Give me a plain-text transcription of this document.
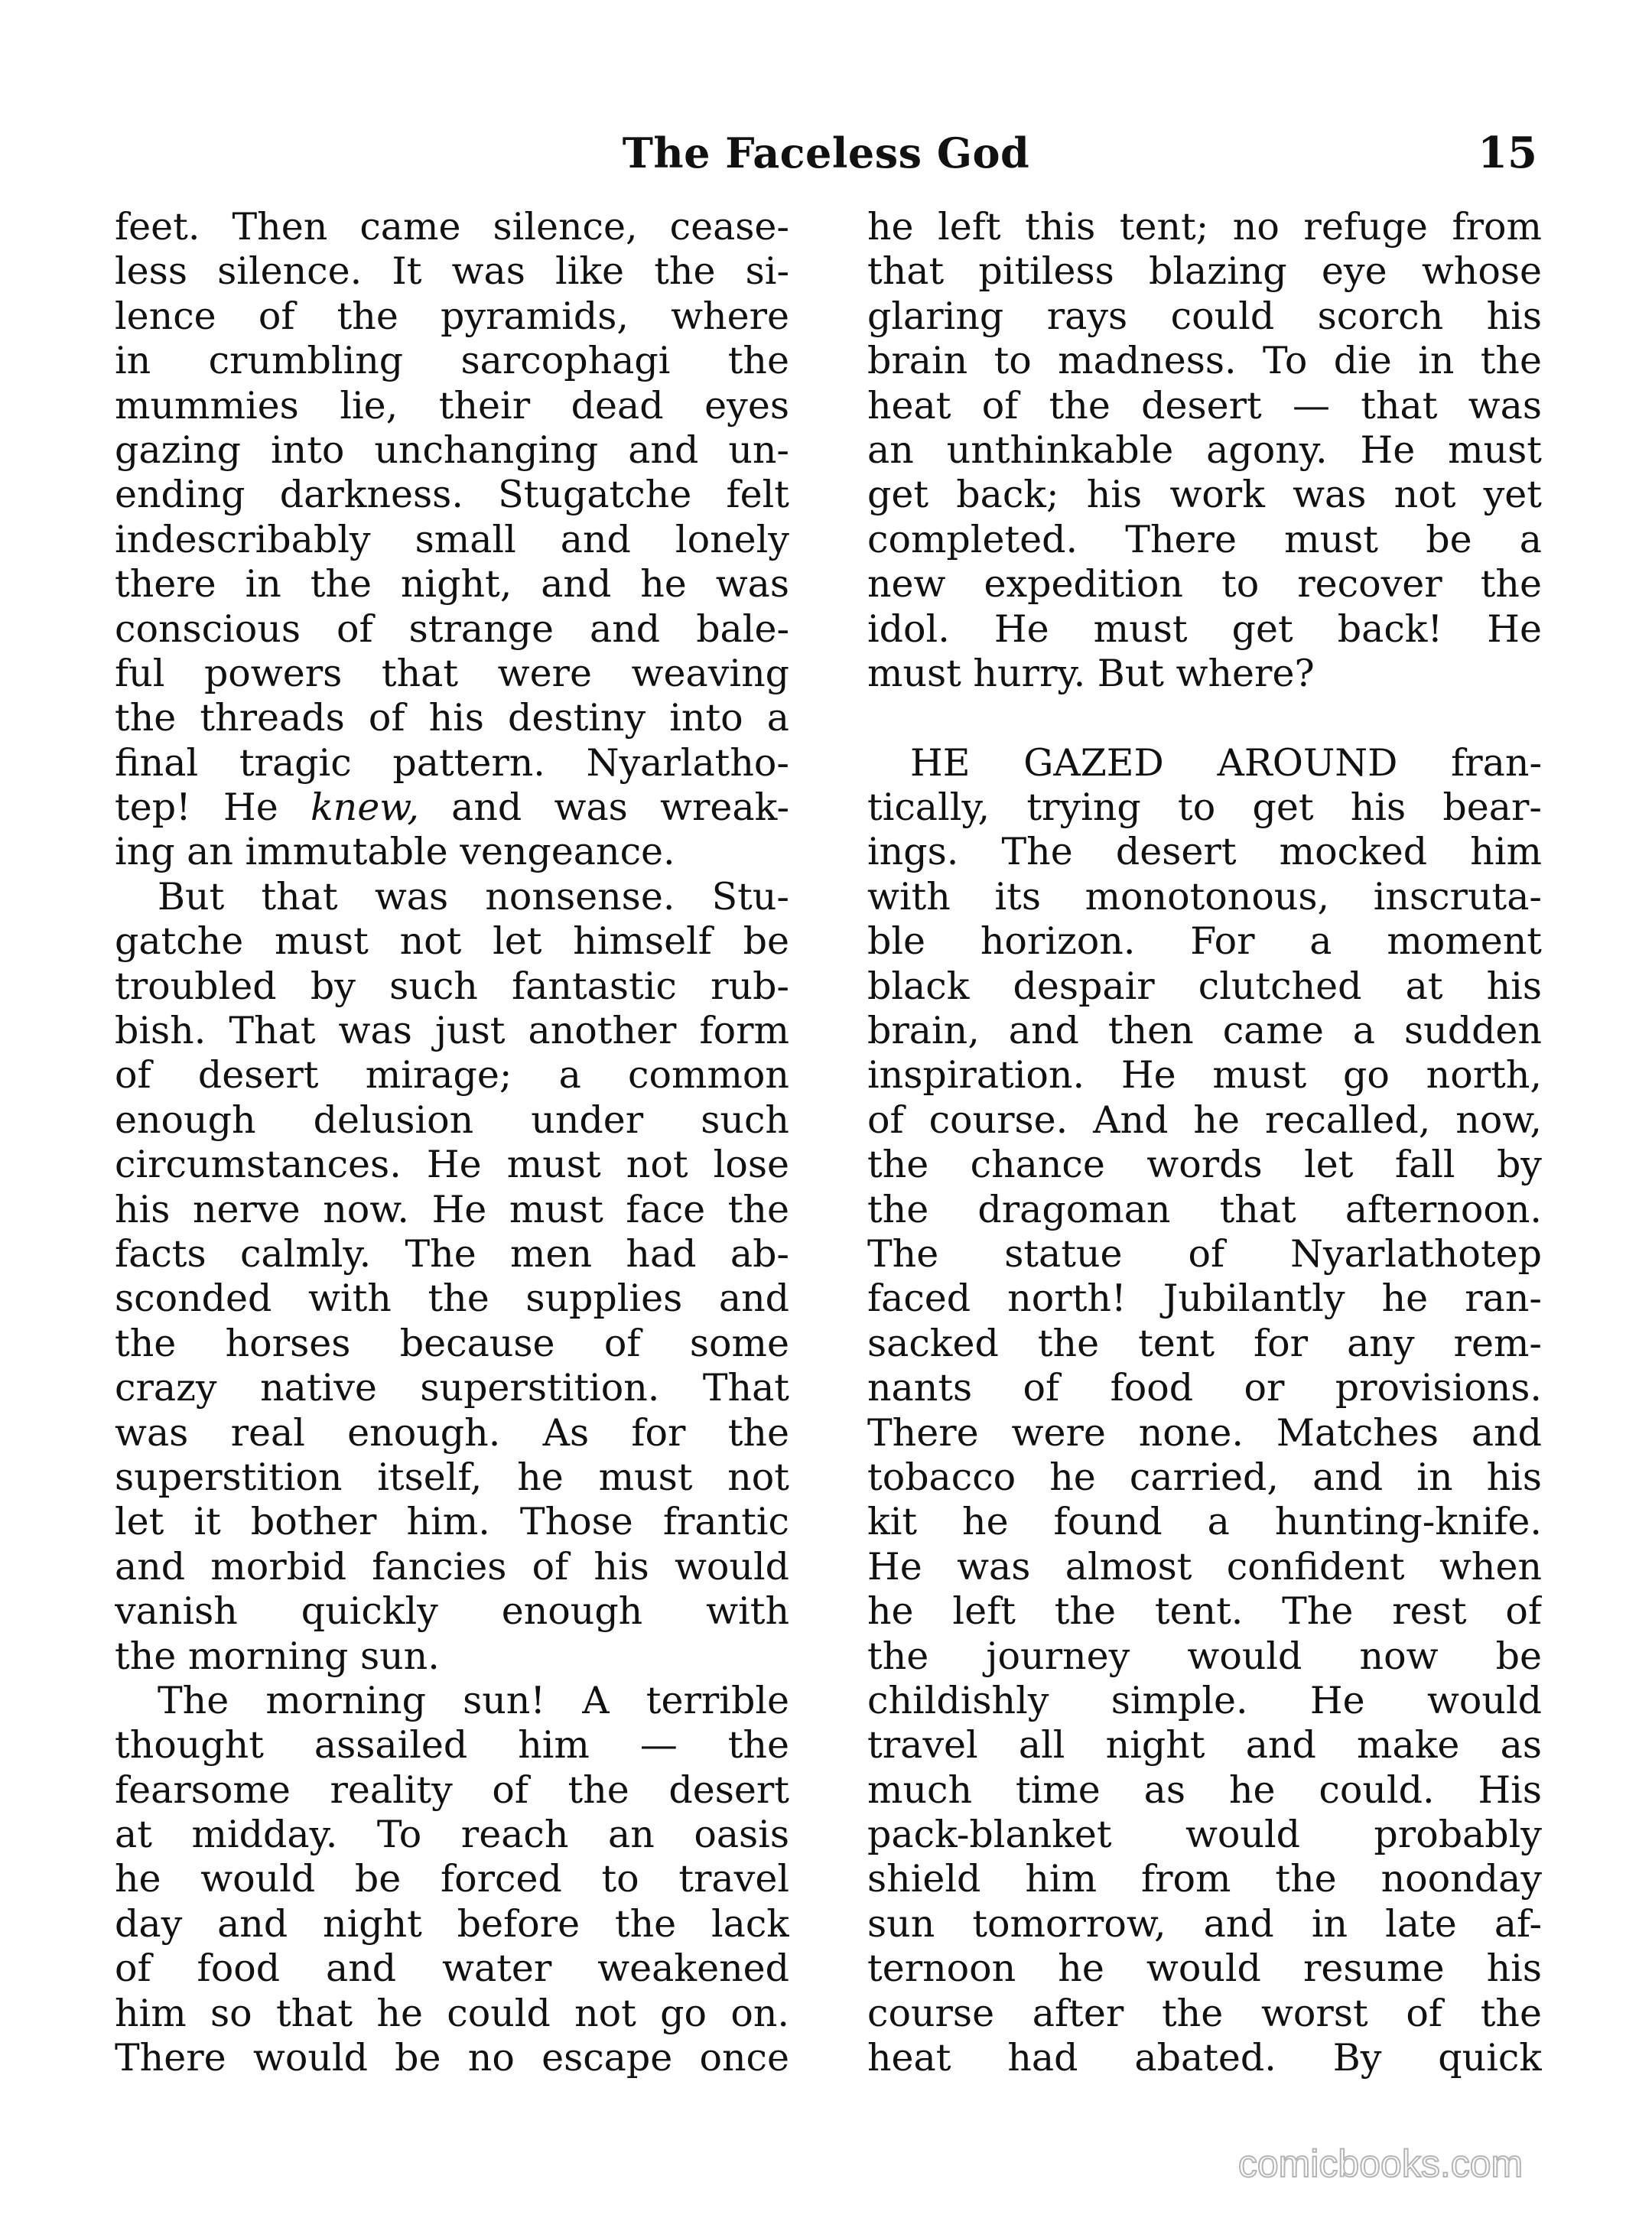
The Faceless God	15
feet. Then came silence, cease-
less silence. It was like the si-
lence of the pyramids, where
in crumbling sarcophagi the
mummies lie, their dead eyes
gazing into unchanging and un-
ending darkness. Stugatche felt
indescribably small and lonely
there in the night, and he was
conscious of strange and bale-
ful powers that were weaving
the threads of his destiny into a
final tragic pattern. Nyarlatho-
tep! He knew, and was wreak-
ing an immutable vengeance.
But that was nonsense. Stu-
gatche must not let himself be
troubled by such fantastic rub-
bish. That was just another form
of desert mirage; a common
enough delusion under such
circumstances. He must not lose
his nerve now. He must face the
facts calmly. The men had ab-
sconded with the supplies and
the horses because of some
crazy native superstition. That
was real enough. As for the
superstition itself, he must not
let it bother him. Those frantic
and morbid fancies of his would
vanish quickly enough with
the morning sun.
The morning sun! A terrible
thought assailed him — the
fearsome reality of the desert
at midday. To reach an oasis
he would be forced to travel
day and night before the lack
of food and water weakened
him so that he could not go on.
There would be no escape once
he left this tent; no refuge from
that pitiless blazing eye whose
glaring rays could scorch his
brain to madness. To die in the
heat of the desert — that was
an unthinkable agony. He must
get back; his work was not yet
completed. There must be a
new expedition to recover the
idol. He must get back! He
must hurry. But where?
HE GAZED AROUND fran-
tically, trying to get his bear-
ings. The desert mocked him
with its monotonous, inscruta-
ble horizon. For a moment
black despair clutched at his
brain, and then came a sudden
inspiration. He must go north,
of course. And he recalled, now,
the chance words let fall by
the dragoman that afternoon.
The statue of Nyarlathotep
faced north! Jubilantly he ran-
sacked the tent for any rem-
nants of food or provisions.
There were none. Matches and
tobacco he carried, and in his
kit he found a hunting-knife.
He was almost confident when
he left the tent. The rest of
the journey would now be
childishly simple. He would
travel all night and make as
much time as he could. His
pack-blanket would probably
shield him from the noonday
sun tomorrow, and in late af-
ternoon he would resume his
course after the worst of the
heat had abated. By quick
comicbooks.com
